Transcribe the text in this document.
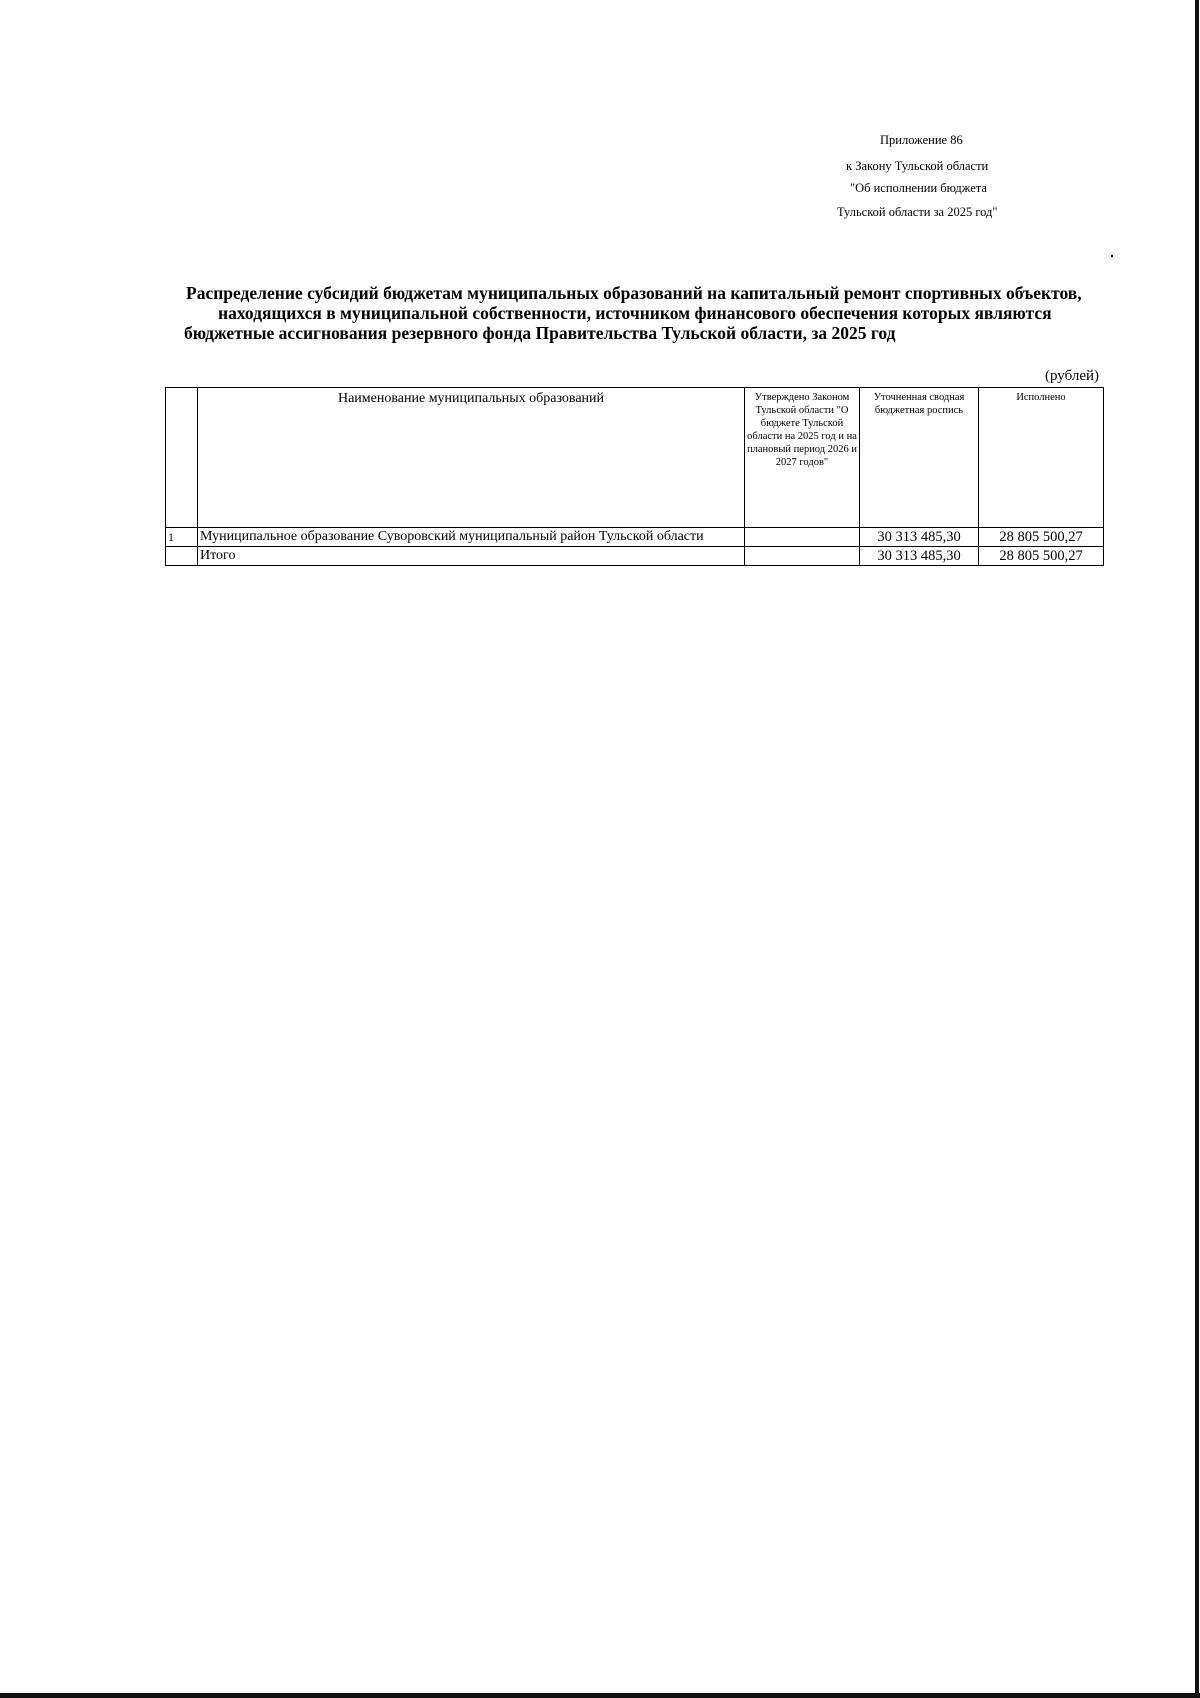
Приложение 86
к Закону Тульской области
"Об исполнении бюджета
Тульской области за 2025 год"
Распределение субсидий бюджетам муниципальных образований на капитальный ремонт спортивных объектов,
находящихся в муниципальной собственности, источником финансового обеспечения которых являются
бюджетные ассигнования резервного фонда Правительства Тульской области, за 2025 год
(рублей)
	Наименование муниципальных образований	Утверждено Законом Тульской области "О бюджете Тульской области на 2025 год и на плановый период 2026 и 2027 годов"	Уточненная сводная бюджетная роспись	Исполнено
1	Муниципальное образование Суворовский муниципальный район Тульской области		30 313 485,30	28 805 500,27
	Итого		30 313 485,30	28 805 500,27
